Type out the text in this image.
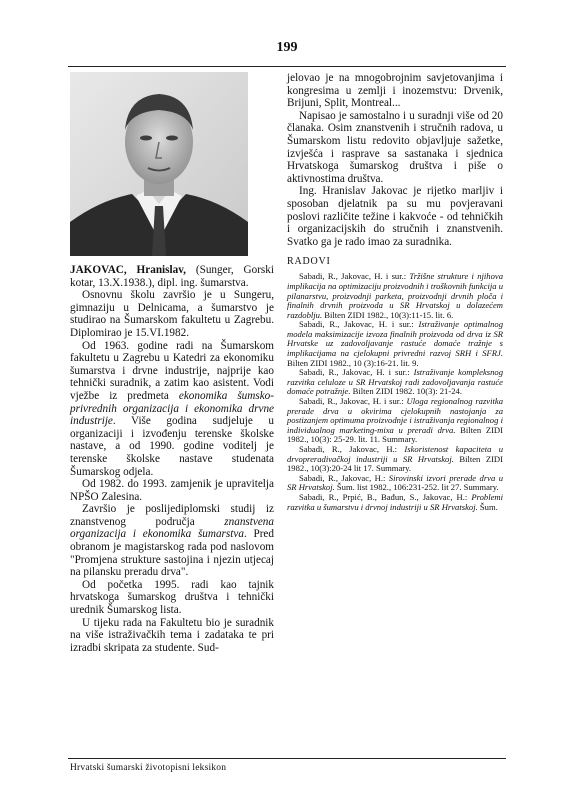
199

JAKOVAC, Hranislav, (Sunger, Gorski kotar, 13.X.1938.), dipl. ing. šumarstva.

Osnovnu školu završio je u Sungeru, gimnaziju u Delnicama, a šumarstvo je studirao na Šumarskom fakultetu u Zagrebu. Diplomirao je 15.VI.1982.

Od 1963. godine radi na Šumarskom fakultetu u Zagrebu u Katedri za ekonomiku šumarstva i drvne industrije, najprije kao tehnički suradnik, a zatim kao asistent. Vodi vježbe iz predmeta ekonomika šumsko-privrednih organizacija i ekonomika drvne industrije. Više godina sudjeluje u organizaciji i izvođenju terenske školske nastave, a od 1990. godine voditelj je terenske školske nastave studenata Šumarskog odjela.

Od 1982. do 1993. zamjenik je upravitelja NPŠO Zalesina.

Završio je poslijediplomski studij iz znanstvenog područja znanstvena organizacija i ekonomika šumarstva. Pred obranom je magistarskog rada pod naslovom "Promjena strukture sastojina i njezin utjecaj na pilansku preradu drva".

Od početka 1995. radi kao tajnik hrvatskoga šumarskog društva i tehnički urednik Šumarskog lista.

U tijeku rada na Fakultetu bio je suradnik na više istraživačkih tema i zadataka te pri izradbi skripata za studente. Sud-

jelovao je na mnogobrojnim savjetovanjima i kongresima u zemlji i inozemstvu: Drvenik, Brijuni, Split, Montreal...

Napisao je samostalno i u suradnji više od 20 članaka. Osim znanstvenih i stručnih radova, u Šumarskom listu redovito objavljuje sažetke, izvješća i rasprave sa sastanaka i sjednica Hrvatskoga šumarskog društva i piše o aktivnostima društva.

Ing. Hranislav Jakovac je rijetko marljiv i sposoban djelatnik pa su mu povjeravani poslovi različite težine i kakvoće - od tehničkih i organizacijskih do stručnih i znanstvenih. Svatko ga je rado imao za suradnika.

RADOVI

Sabadi, R., Jakovac, H. i sur.: Tržišne strukture i njihova implikacija na optimizaciju proizvodnih i troškovnih funkcija u pilanarstvu, proizvodnji parketa, proizvodnji drvnih ploča i finalnih drvnih proizvoda u SR Hrvatskoj u dolazećem razdoblju. Bilten ZIDI 1982., 10(3):11-15. lit. 6.

Sabadi, R., Jakovac, H. i sur.: Istraživanje optimalnog modela maksimizacije izvoza finalnih proizvoda od drva iz SR Hrvatske uz zadovoljavanje rastuće domaće tražnje s implikacijama na cjelokupni privredni razvoj SRH i SFRJ. Bilten ZIDI 1982., 10 (3):16-21. lit. 9.

Sabadi, R., Jakovac, H. i sur.: Istraživanje kompleksnog razvitka celuloze u SR Hrvatskoj radi zadovoljavanja rastuće domaće potražnje. Bilten ZIDI 1982. 10(3): 21-24.

Sabadi, R., Jakovac, H. i sur.: Uloga regionalnog razvitka prerade drva u okvirima cjelokupnih nastojanja za postizanjem optimuma proizvodnje i istraživanja regionalnog i individualnog marketing-mixa u preradi drva. Bilten ZIDI 1982., 10(3): 25-29. lit. 11. Summary.

Sabadi, R., Jakovac, H.: Iskoristenost kapaciteta u drvopreradivačkoj industriji u SR Hrvatskoj. Bilten ZIDI 1982., 10(3):20-24 lit 17. Summary.

Sabadi, R., Jakovac, H.: Sirovinski izvori prerade drva u SR Hrvatskoj. Šum. list 1982., 106:231-252. lit 27. Summary.

Sabadi, R., Prpić, B., Bađun, S., Jakovac, H.: Problemi razvitka u šumarstvu i drvnoj industriji u SR Hrvatskoj. Šum.

Hrvatski šumarski životopisni leksikon
